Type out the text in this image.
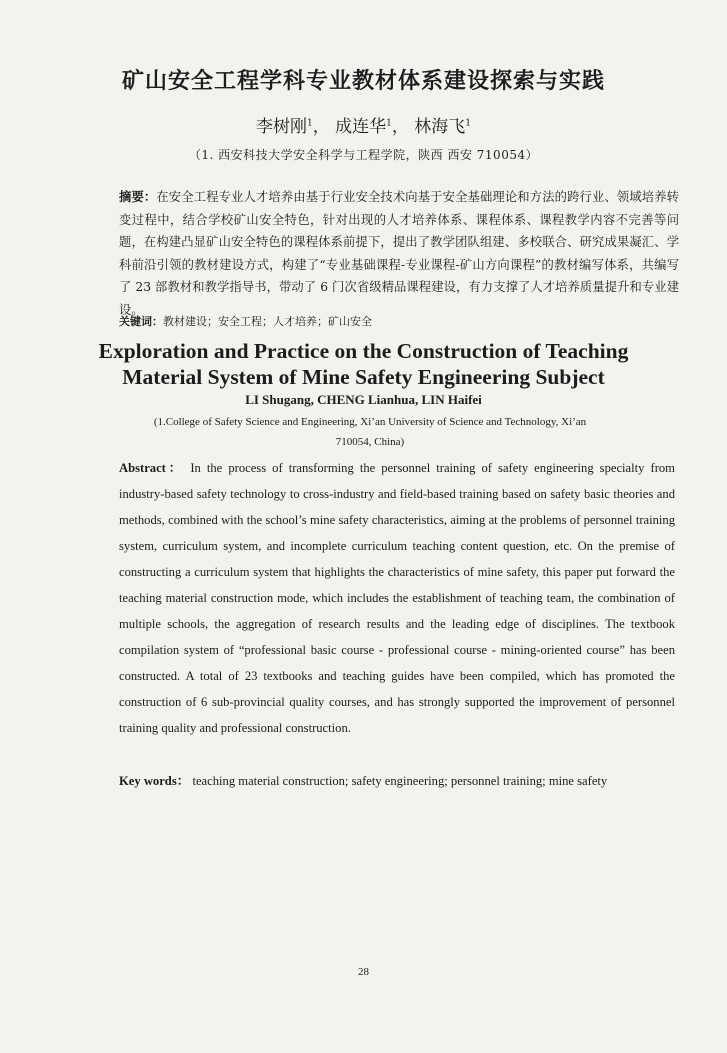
矿山安全工程学科专业教材体系建设探索与实践
李树刚$^1$， 成连华$^1$， 林海飞$^1$
（1. 西安科技大学安全科学与工程学院，陕西 西安 710054）
摘要：在安全工程专业人才培养由基于行业安全技术向基于安全基础理论和方法的跨行业、领域培养转变过程中，结合学校矿山安全特色，针对出现的人才培养体系、课程体系、课程教学内容不完善等问题，在构建凸显矿山安全特色的课程体系前提下，提出了教学团队组建、多校联合、研究成果凝汇、学科前沿引领的教材建设方式，构建了“专业基础课程-专业课程-矿山方向课程”的教材编写体系，共编写了 23 部教材和教学指导书，带动了 6 门次省级精品课程建设，有力支撑了人才培养质量提升和专业建设。
关键词：教材建设；安全工程；人才培养；矿山安全
Exploration and Practice on the Construction of Teaching
Material System of Mine Safety Engineering Subject
LI Shugang, CHENG Lianhua, LIN Haifei
(1.College of Safety Science and Engineering, Xi’an University of Science and Technology, Xi’an
710054, China)
Abstract： In the process of transforming the personnel training of safety engineering specialty from industry-based safety technology to cross-industry and field-based training based on safety basic theories and methods, combined with the school’s mine safety characteristics, aiming at the problems of personnel training system, curriculum system, and incomplete curriculum teaching content question, etc. On the premise of constructing a curriculum system that highlights the characteristics of mine safety, this paper put forward the teaching material construction mode, which includes the establishment of teaching team, the combination of multiple schools, the aggregation of research results and the leading edge of disciplines. The textbook compilation system of “professional basic course - professional course - mining-oriented course” has been constructed. A total of 23 textbooks and teaching guides have been compiled, which has promoted the construction of 6 sub-provincial quality courses, and has strongly supported the improvement of personnel training quality and professional construction.
Key words： teaching material construction; safety engineering; personnel training; mine safety
28
